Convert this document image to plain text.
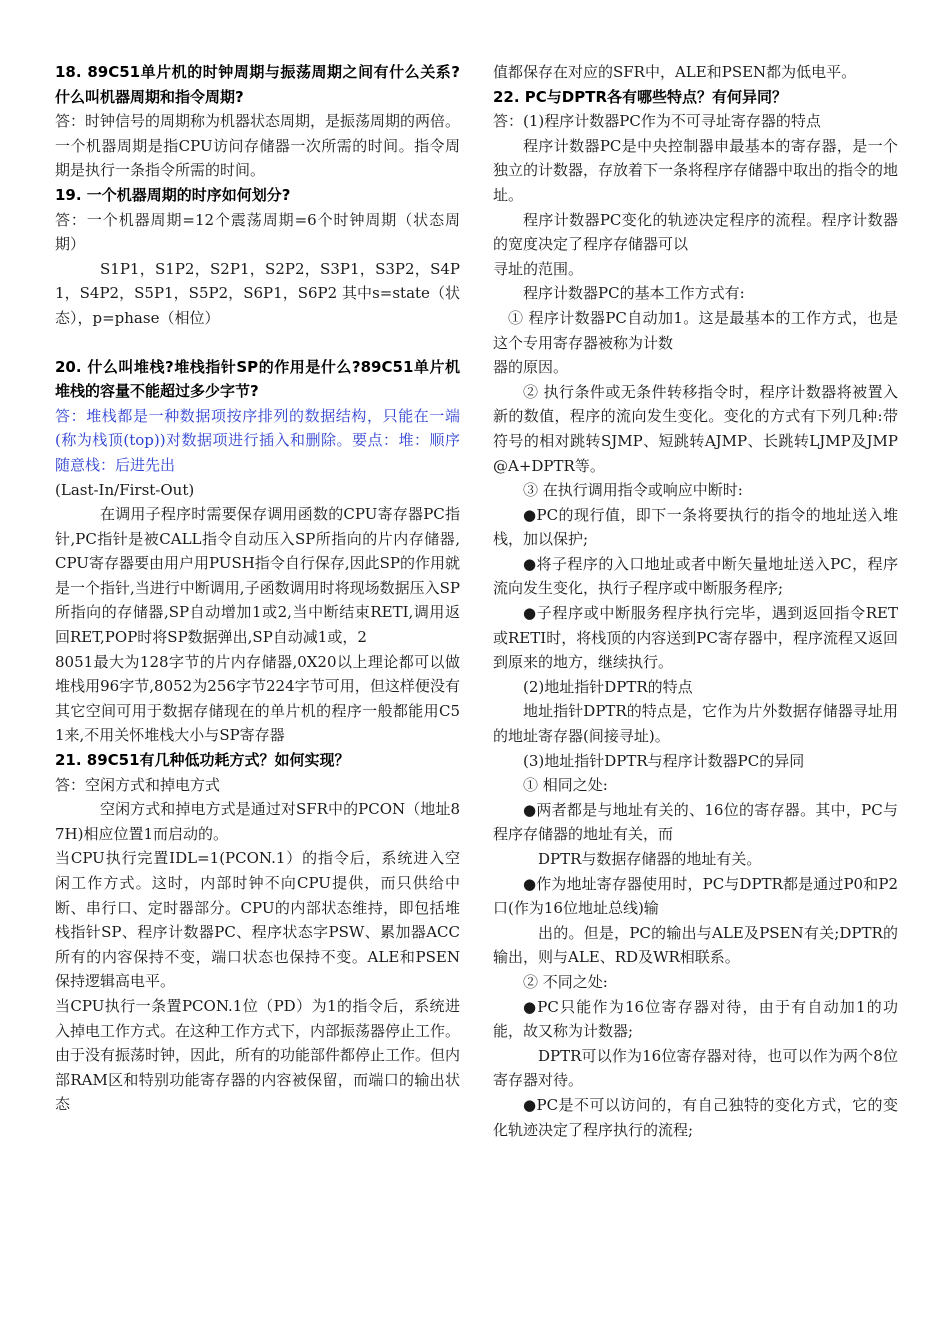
18. 89C51单片机的时钟周期与振荡周期之间有什么关系?什么叫机器周期和指令周期?

答：时钟信号的周期称为机器状态周期，是振荡周期的两倍。一个机器周期是指CPU访问存储器一次所需的时间。指令周期是执行一条指令所需的时间。

19. 一个机器周期的时序如何划分?

答：一个机器周期=12个震荡周期=6个时钟周期（状态周期）

S1P1，S1P2，S2P1，S2P2，S3P1，S3P2，S4P1，S4P2，S5P1，S5P2，S6P1，S6P2 其中s=state（状态），p=phase（相位）

20. 什么叫堆栈?堆栈指针SP的作用是什么?89C51单片机堆栈的容量不能超过多少字节?

答：堆栈都是一种数据项按序排列的数据结构，只能在一端(称为栈顶(top))对数据项进行插入和删除。要点：堆：顺序随意栈：后进先出

(Last-In/First-Out)

在调用子程序时需要保存调用函数的CPU寄存器PC指针,PC指针是被CALL指令自动压入SP所指向的片内存储器,CPU寄存器要由用户用PUSH指令自行保存,因此SP的作用就是一个指针,当进行中断调用,子函数调用时将现场数据压入SP所指向的存储器,SP自动增加1或2,当中断结束RETI,调用返回RET,POP时将SP数据弹出,SP自动减1或，2

8051最大为128字节的片内存储器,0X20以上理论都可以做堆栈用96字节,8052为256字节224字节可用，但这样便没有其它空间可用于数据存储现在的单片机的程序一般都能用C51来,不用关怀堆栈大小与SP寄存器

21. 89C51有几种低功耗方式？如何实现？

答：空闲方式和掉电方式

空闲方式和掉电方式是通过对SFR中的PCON（地址87H)相应位置1而启动的。

当CPU执行完置IDL=1(PCON.1）的指令后，系统进入空闲工作方式。这时，内部时钟不向CPU提供，而只供给中断、串行口、定时器部分。CPU的内部状态维持，即包括堆栈指针SP、程序计数器PC、程序状态字PSW、累加器ACC所有的内容保持不变，端口状态也保持不变。ALE和PSEN保持逻辑高电平。

当CPU执行一条置PCON.1位（PD）为1的指令后，系统进入掉电工作方式。在这种工作方式下，内部振荡器停止工作。由于没有振荡时钟，因此，所有的功能部件都停止工作。但内部RAM区和特别功能寄存器的内容被保留，而端口的输出状态

值都保存在对应的SFR中，ALE和PSEN都为低电平。

22. PC与DPTR各有哪些特点？有何异同？

答：(1)程序计数器PC作为不可寻址寄存器的特点

程序计数器PC是中央控制器申最基本的寄存器，是一个独立的计数器，存放着下一条将程序存储器中取出的指令的地址。

程序计数器PC变化的轨迹决定程序的流程。程序计数器的宽度决定了程序存储器可以

寻址的范围。

程序计数器PC的基本工作方式有:

① 程序计数器PC自动加1。这是最基本的工作方式，也是这个专用寄存器被称为计数

器的原因。

② 执行条件或无条件转移指令时，程序计数器将被置入新的数值，程序的流向发生变化。变化的方式有下列几种:带符号的相对跳转SJMP、短跳转AJMP、长跳转LJMP及JMP @A+DPTR等。

③ 在执行调用指令或响应中断时:

●PC的现行值，即下一条将要执行的指令的地址送入堆栈，加以保护;

●将子程序的入口地址或者中断矢量地址送入PC，程序流向发生变化，执行子程序或中断服务程序;

●子程序或中断服务程序执行完毕，遇到返回指令RET或RETI时，将栈顶的内容送到PC寄存器中，程序流程又返回到原来的地方，继续执行。

(2)地址指针DPTR的特点

地址指针DPTR的特点是，它作为片外数据存储器寻址用的地址寄存器(间接寻址)。

(3)地址指针DPTR与程序计数器PC的异同

① 相同之处:

●两者都是与地址有关的、16位的寄存器。其中，PC与程序存储器的地址有关，而

DPTR与数据存储器的地址有关。

●作为地址寄存器使用时，PC与DPTR都是通过P0和P2口(作为16位地址总线)输

出的。但是，PC的输出与ALE及PSEN有关;DPTR的输出，则与ALE、RD及WR相联系。

② 不同之处:

●PC只能作为16位寄存器对待，由于有自动加1的功能，故又称为计数器;

DPTR可以作为16位寄存器对待，也可以作为两个8位寄存器对待。

●PC是不可以访问的，有自己独特的变化方式，它的变化轨迹决定了程序执行的流程;
